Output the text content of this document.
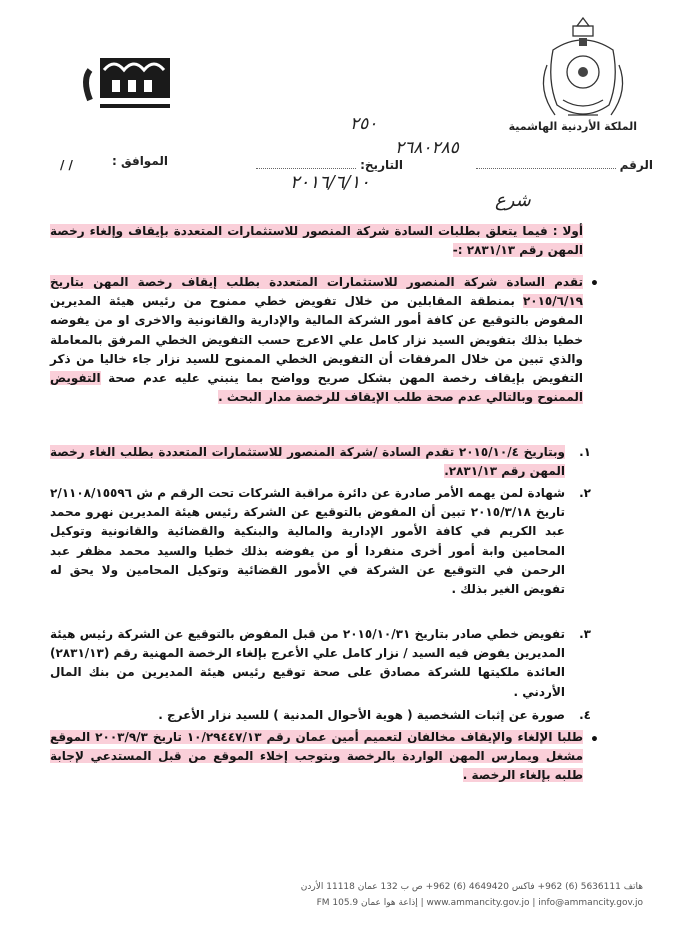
الملكة الأردنية الهاشمية
٢٥٠
٢٦٨٠٢٨٥
٢٠١٦/٦/١٠
شرع
الرقم
التاريخ:
الموافق :
/ /
أولا : فيما يتعلق بطلبات السادة شركة المنصور للاستثمارات المتعددة بإيقاف وإلغاء رخصة المهن رقم ٢٨٣١/١٣ :-
•
تقدم السادة شركة المنصور للاستثمارات المتعددة بطلب إيقاف رخصة المهن بتاريخ ٢٠١٥/٦/١٩ بمنطقة المقابلين من خلال تفويض خطي ممنوح من رئيس هيئة المديرين المفوض بالتوقيع عن كافة أمور الشركة المالية والإدارية والقانونية والاخرى او من يفوضه خطيا بذلك بتفويض السيد نزار كامل علي الاعرج حسب التفويض الخطي المرفق بالمعاملة والذي تبين من خلال المرفقات أن التفويض الخطي الممنوح للسيد نزار جاء خاليا من ذكر التفويض بإيقاف رخصة المهن بشكل صريح وواضح بما ينبني عليه عدم صحة التفويض الممنوح وبالتالي عدم صحة طلب الإيقاف للرخصة مدار البحث .
١.
وبتاريخ ٢٠١٥/١٠/٤ تقدم السادة /شركة المنصور للاستثمارات المتعددة بطلب الغاء رخصة المهن رقم ٢٨٣١/١٣.
٢.
شهادة لمن يهمه الأمر صادرة عن دائرة مراقبة الشركات تحت الرقم م ش ٢/١١٠٨/١٥٥٩٦ تاريخ ٢٠١٥/٣/١٨ تبين أن المفوض بالتوقيع عن الشركة رئيس هيئة المديرين نهرو محمد عبد الكريم في كافة الأمور الإدارية والمالية والبنكية والقضائية والقانونية وتوكيل المحامين وابة أمور أخرى منفردا أو من يفوضه بذلك خطيا والسيد محمد مظفر عبد الرحمن في التوقيع عن الشركة في الأمور القضائية وتوكيل المحامين ولا يحق له تفويض الغير بذلك .
٣.
تفويض خطي صادر بتاريخ ٢٠١٥/١٠/٣١ من قبل المفوض بالتوقيع عن الشركة رئيس هيئة المديرين يفوض فيه السيد / نزار كامل علي الأعرج بإلغاء الرخصة المهنية رقم (٢٨٣١/١٣) العائدة ملكيتها للشركة مصادق على صحة توقيع رئيس هيئة المديرين من بنك المال الأردني .
٤.
صورة عن إثبات الشخصية ( هوية الأحوال المدنية ) للسيد نزار الأعرج .
•
طلبا الإلغاء والإيقاف مخالفان لتعميم أمين عمان رقم ١٠/٢٩٤٤٧/١٣ تاريخ ٢٠٠٣/٩/٣ الموقع مشغل ويمارس المهن الواردة بالرخصة وبتوجب إخلاء الموقع من قبل المستدعي لإجابة طلبه بإلغاء الرخصة .
هاتف 5636111 (6) 962+ فاكس 4649420 (6) 962+ ص ب 132 عمان 11118 الأردن
www.ammancity.gov.jo | info@ammancity.gov.jo | إذاعة هوا عمان FM 105.9
